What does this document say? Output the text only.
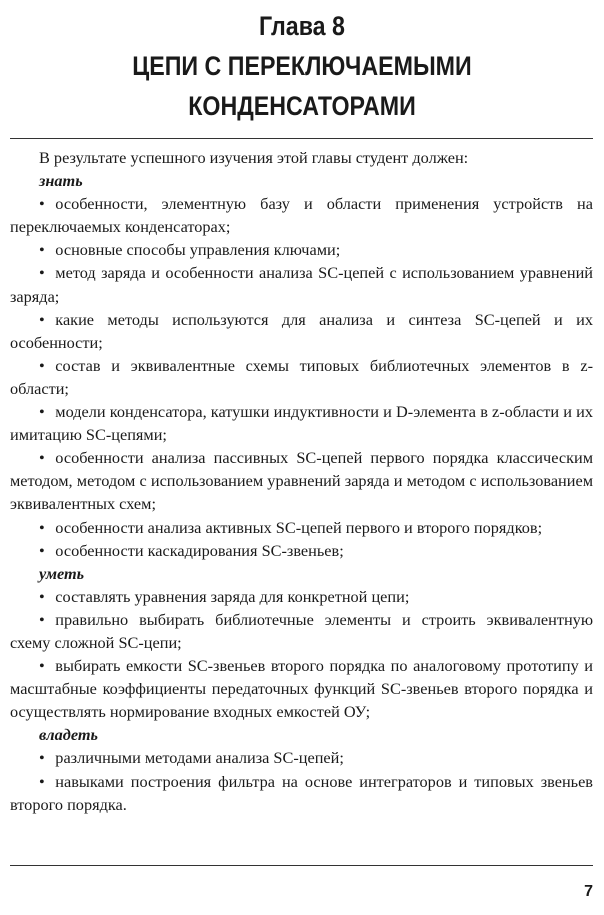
Глава 8
ЦЕПИ С ПЕРЕКЛЮЧАЕМЫМИ
КОНДЕНСАТОРАМИ

В результате успешного изучения этой главы студент должен:

знать

• особенности, элементную базу и области применения устройств на переключаемых конденсаторах;

• основные способы управления ключами;

• метод заряда и особенности анализа SC-цепей с использованием уравнений заряда;

• какие методы используются для анализа и синтеза SC-цепей и их особенности;

• состав и эквивалентные схемы типовых библиотечных элементов в z-области;

• модели конденсатора, катушки индуктивности и D-элемента в z-области и их имитацию SC-цепями;

• особенности анализа пассивных SC-цепей первого порядка классическим методом, методом с использованием уравнений заряда и методом с использованием эквивалентных схем;

• особенности анализа активных SC-цепей первого и второго порядков;

• особенности каскадирования SC-звеньев;

уметь

• составлять уравнения заряда для конкретной цепи;

• правильно выбирать библиотечные элементы и строить эквивалентную схему сложной SC-цепи;

• выбирать емкости SC-звеньев второго порядка по аналоговому прототипу и масштабные коэффициенты передаточных функций SC-звеньев второго порядка и осуществлять нормирование входных емкостей ОУ;

владеть

• различными методами анализа SC-цепей;

• навыками построения фильтра на основе интеграторов и типовых звеньев второго порядка.

7
